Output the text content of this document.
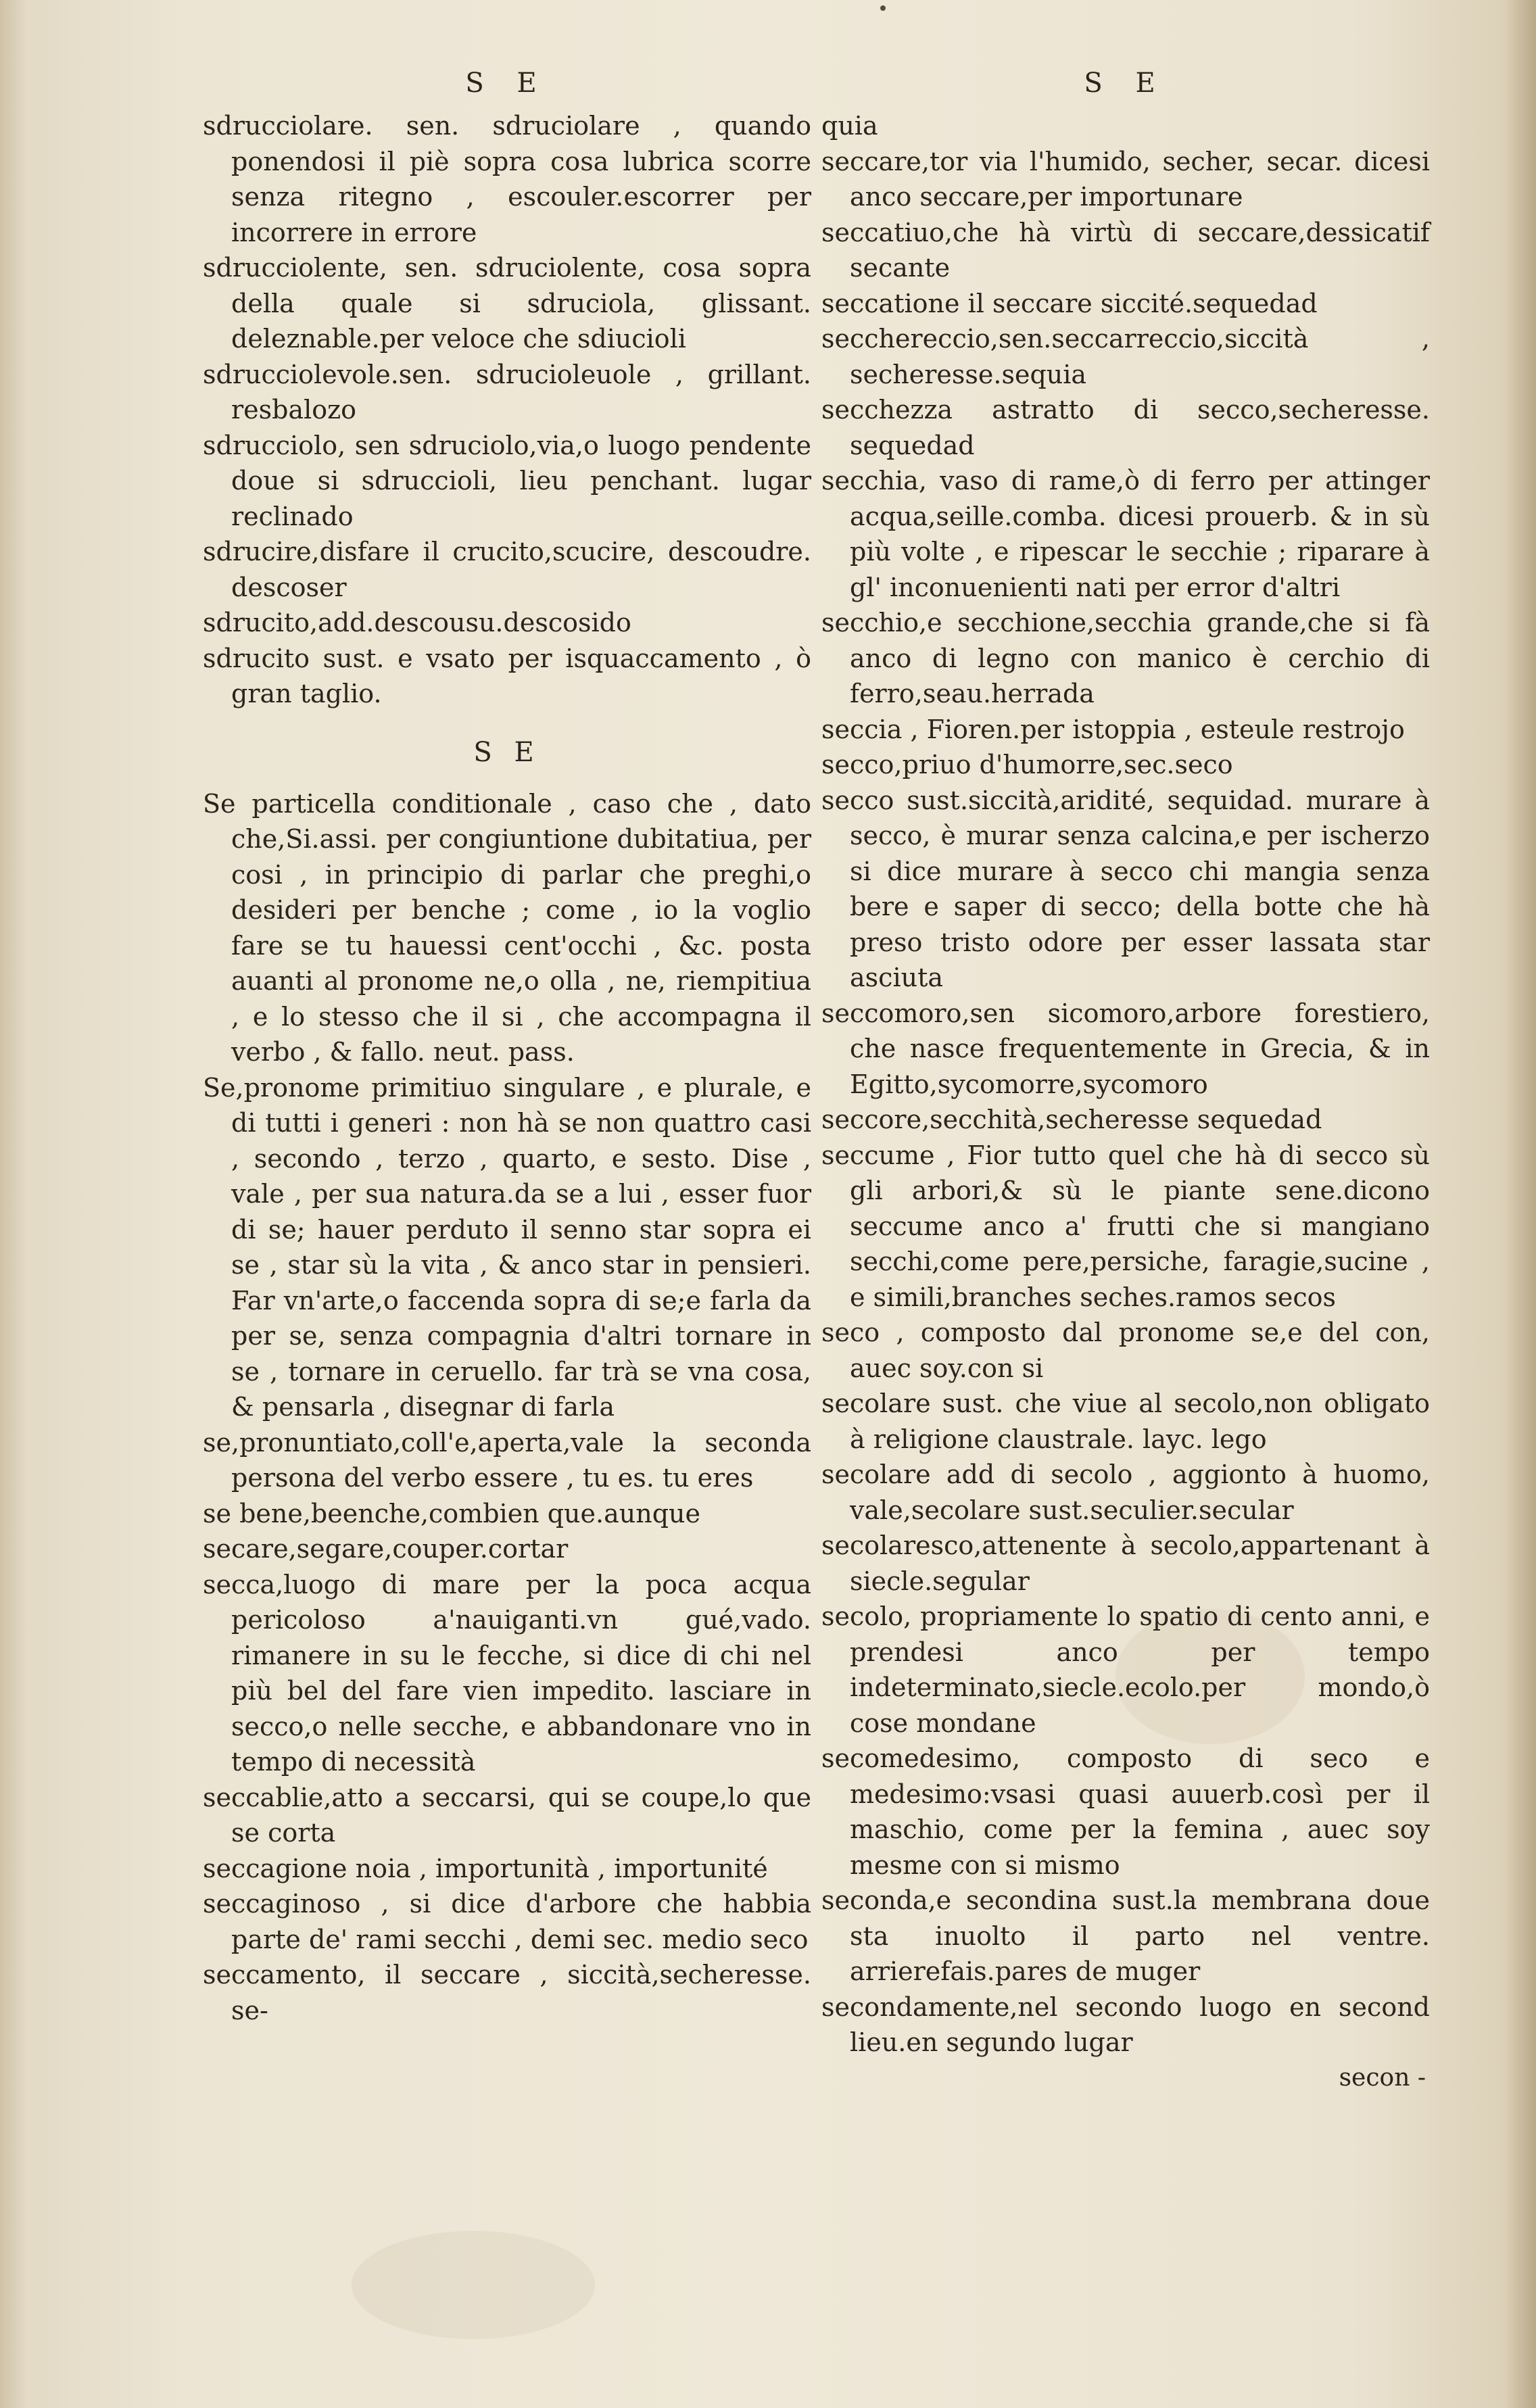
S E

sdrucciolare. sen. sdruciolare , quando ponendosi il piè sopra cosa lubrica scorre senza ritegno , escouler.escorrer per incorrere in errore

sdrucciolente, sen. sdruciolente, cosa sopra della quale si sdruciola, glissant. deleznable.per veloce che sdiucioli

sdrucciolevole.sen. sdrucioleuole , grillant. resbalozo

sdrucciolo, sen sdruciolo,via,o luogo pendente doue si sdruccioli, lieu penchant. lugar reclinado

sdrucire,disfare il crucito,scucire, descoudre. descoser

sdrucito,add.descousu.descosido

sdrucito sust. e vsato per isquaccamento , ò gran taglio.

S E

Se particella conditionale , caso che , dato che,Si.assi. per congiuntione dubitatiua, per cosi , in principio di parlar che preghi,o desideri per benche ; come , io la voglio fare se tu hauessi cent'occhi , &c. posta auanti al pronome ne,o olla , ne, riempitiua , e lo stesso che il si , che accompagna il verbo , & fallo. neut. pass.

Se,pronome primitiuo singulare , e plurale, e di tutti i generi : non hà se non quattro casi , secondo , terzo , quarto, e sesto. Dise , vale , per sua natura.da se a lui , esser fuor di se; hauer perduto il senno star sopra ei se , star sù la vita , & anco star in pensieri. Far vn'arte,o faccenda sopra di se;e farla da per se, senza compagnia d'altri tornare in se , tornare in ceruello. far trà se vna cosa, & pensarla , disegnar di farla

se,pronuntiato,coll'e,aperta,vale la seconda persona del verbo essere , tu es. tu eres

se bene,beenche,combien que.aunque

secare,segare,couper.cortar

secca,luogo di mare per la poca acqua pericoloso a'nauiganti.vn gué,vado. rimanere in su le fecche, si dice di chi nel più bel del fare vien impedito. lasciare in secco,o nelle secche, e abbandonare vno in tempo di necessità

seccablie,atto a seccarsi, qui se coupe,lo que se corta

seccagione noia , importunità , importunité

seccaginoso , si dice d'arbore che habbia parte de' rami secchi , demi sec. medio seco

seccamento, il seccare , siccità,secheresse. se-

S E

quia

seccare,tor via l'humido, secher, secar. dicesi anco seccare,per importunare

seccatiuo,che hà virtù di seccare,dessicatif secante

seccatione il seccare siccité.sequedad

secchereccio,sen.seccarreccio,siccità , secheresse.sequia

secchezza astratto di secco,secheresse. sequedad

secchia, vaso di rame,ò di ferro per attinger acqua,seille.comba. dicesi prouerb. & in sù più volte , e ripescar le secchie ; riparare à gl' inconuenienti nati per error d'altri

secchio,e secchione,secchia grande,che si fà anco di legno con manico è cerchio di ferro,seau.herrada

seccia , Fioren.per istoppia , esteule restrojo

secco,priuo d'humorre,sec.seco

secco sust.siccità,aridité, sequidad. murare à secco, è murar senza calcina,e per ischerzo si dice murare à secco chi mangia senza bere e saper di secco; della botte che hà preso tristo odore per esser lassata star asciuta

seccomoro,sen sicomoro,arbore forestiero, che nasce frequentemente in Grecia, & in Egitto,sycomorre,sycomoro

seccore,secchità,secheresse sequedad

seccume , Fior tutto quel che hà di secco sù gli arbori,& sù le piante sene.dicono seccume anco a' frutti che si mangiano secchi,come pere,persiche, faragie,sucine , e simili,branches seches.ramos secos

seco , composto dal pronome se,e del con, auec soy.con si

secolare sust. che viue al secolo,non obligato à religione claustrale. layc. lego

secolare add di secolo , aggionto à huomo, vale,secolare sust.seculier.secular

secolaresco,attenente à secolo,appartenant à siecle.segular

secolo, propriamente lo spatio di cento anni, e prendesi anco per tempo indeterminato,siecle.ecolo.per mondo,ò cose mondane

secomedesimo, composto di seco e medesimo:vsasi quasi auuerb.così per il maschio, come per la femina , auec soy mesme con si mismo

seconda,e secondina sust.la membrana doue sta inuolto il parto nel ventre. arrierefais.pares de muger

secondamente,nel secondo luogo en second lieu.en segundo lugar

secon -
